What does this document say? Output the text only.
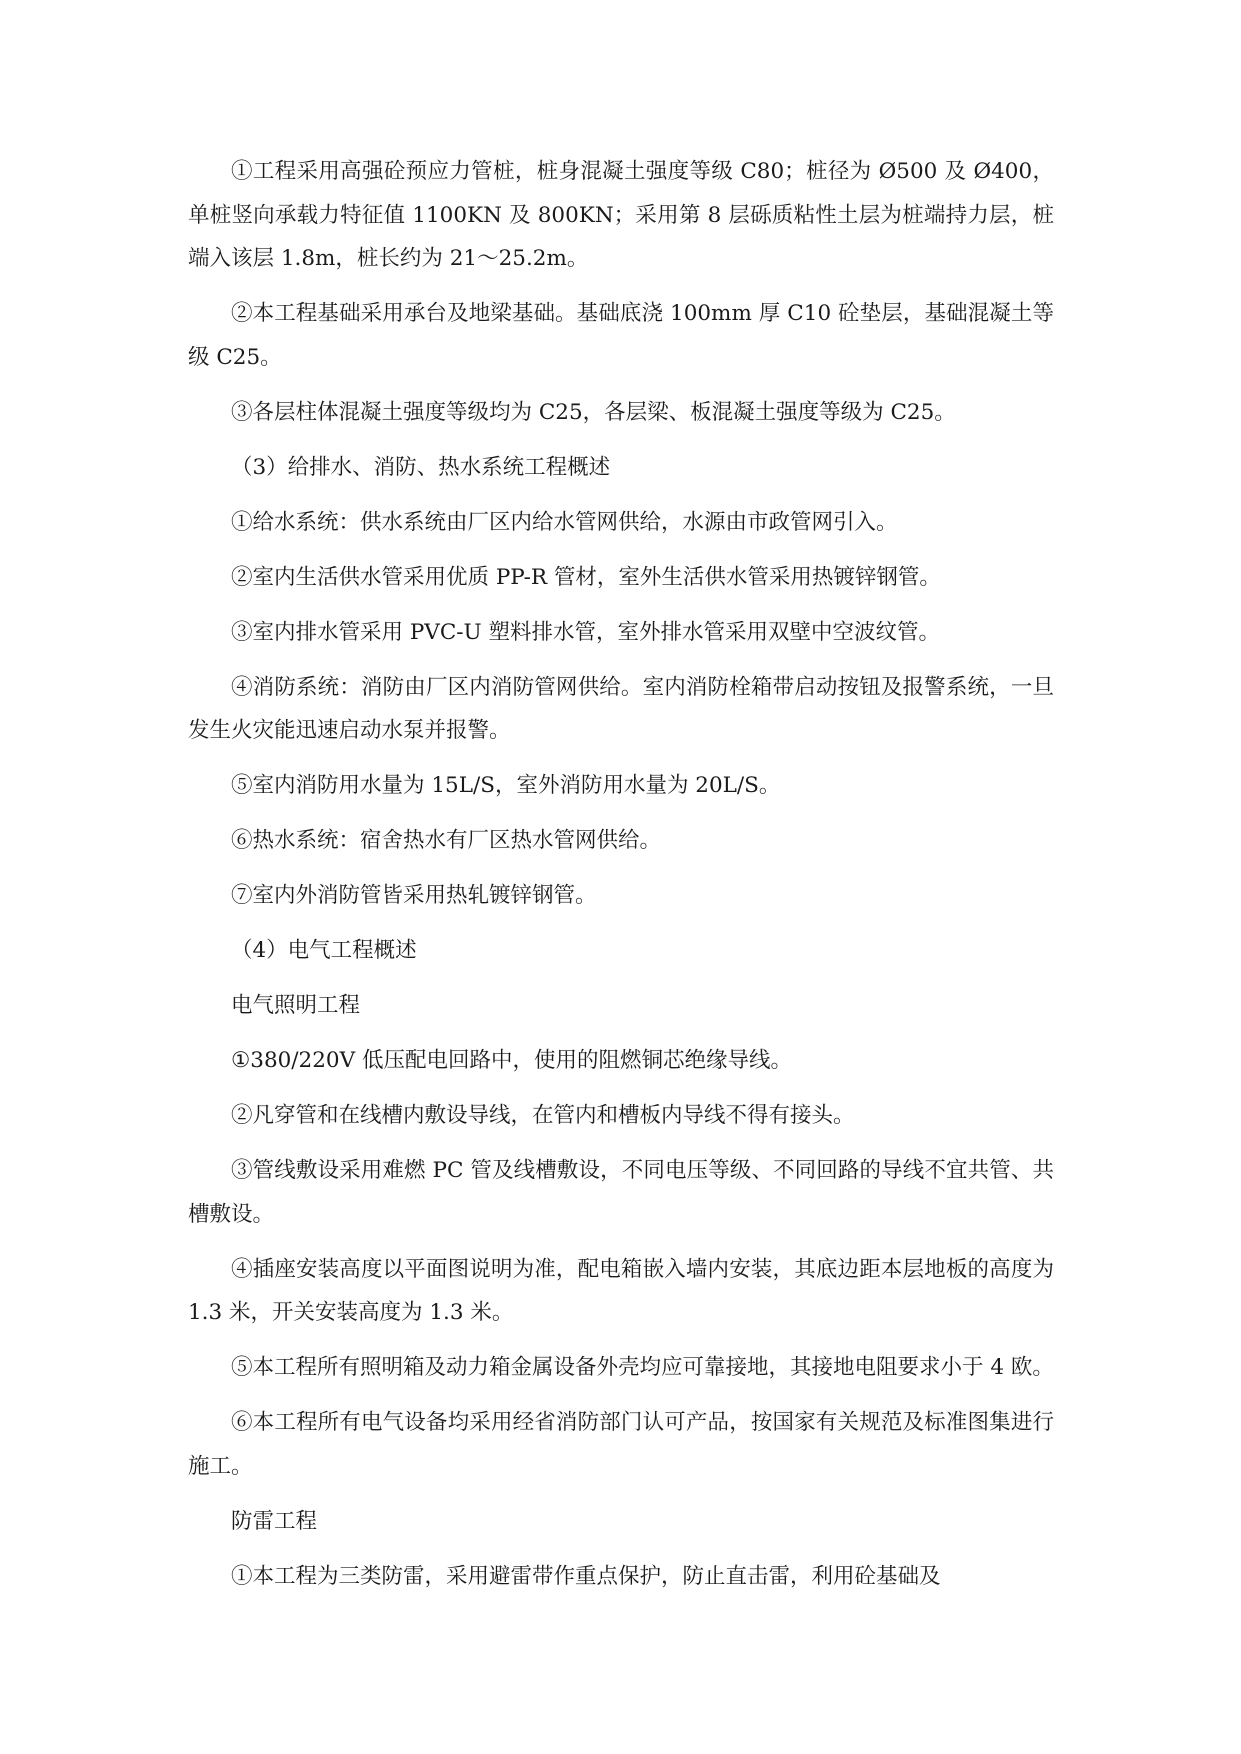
①工程采用高强砼预应力管桩，桩身混凝土强度等级 C80；桩径为 Ø500 及 Ø400，单桩竖向承载力特征值 1100KN 及 800KN；采用第 8 层砾质粘性土层为桩端持力层，桩端入该层 1.8m，桩长约为 21～25.2m。

②本工程基础采用承台及地梁基础。基础底浇 100mm 厚 C10 砼垫层，基础混凝土等级 C25。

③各层柱体混凝土强度等级均为 C25，各层梁、板混凝土强度等级为 C25。

（3）给排水、消防、热水系统工程概述

①给水系统：供水系统由厂区内给水管网供给，水源由市政管网引入。

②室内生活供水管采用优质 PP-R 管材，室外生活供水管采用热镀锌钢管。

③室内排水管采用 PVC-U 塑料排水管，室外排水管采用双壁中空波纹管。

④消防系统：消防由厂区内消防管网供给。室内消防栓箱带启动按钮及报警系统，一旦发生火灾能迅速启动水泵并报警。

⑤室内消防用水量为 15L/S，室外消防用水量为 20L/S。

⑥热水系统：宿舍热水有厂区热水管网供给。

⑦室内外消防管皆采用热轧镀锌钢管。

（4）电气工程概述

电气照明工程

①380/220V 低压配电回路中，使用的阻燃铜芯绝缘导线。

②凡穿管和在线槽内敷设导线，在管内和槽板内导线不得有接头。

③管线敷设采用难燃 PC 管及线槽敷设，不同电压等级、不同回路的导线不宜共管、共槽敷设。

④插座安装高度以平面图说明为准，配电箱嵌入墙内安装，其底边距本层地板的高度为 1.3 米，开关安装高度为 1.3 米。

⑤本工程所有照明箱及动力箱金属设备外壳均应可靠接地，其接地电阻要求小于 4 欧。

⑥本工程所有电气设备均采用经省消防部门认可产品，按国家有关规范及标准图集进行施工。

防雷工程

①本工程为三类防雷，采用避雷带作重点保护，防止直击雷，利用砼基础及
